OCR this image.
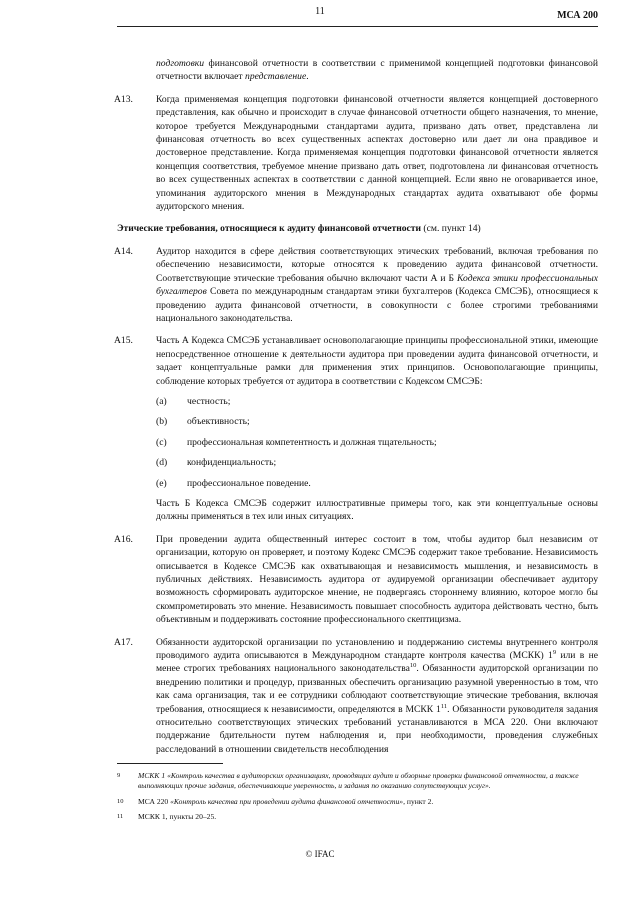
11	МСА 200

подготовки финансовой отчетности в соответствии с применимой концепцией подготовки финансовой отчетности включает представление.

А13. Когда применяемая концепция подготовки финансовой отчетности является концепцией достоверного представления, как обычно и происходит в случае финансовой отчетности общего назначения, то мнение, которое требуется Международными стандартами аудита, призвано дать ответ, представлена ли финансовая отчетность во всех существенных аспектах достоверно или дает ли она правдивое и достоверное представление. Когда применяемая концепция подготовки финансовой отчетности является концепция соответствия, требуемое мнение призвано дать ответ, подготовлена ли финансовая отчетность во всех существенных аспектах в соответствии с данной концепцией. Если явно не оговаривается иное, упоминания аудиторского мнения в Международных стандартах аудита охватывают обе формы аудиторского мнения.

Этические требования, относящиеся к аудиту финансовой отчетности (см. пункт 14)
А14. Аудитор находится в сфере действия соответствующих этических требований, включая требования по обеспечению независимости, которые относятся к проведению аудита финансовой отчетности. Соответствующие этические требования обычно включают части А и Б Кодекса этики профессиональных бухгалтеров Совета по международным стандартам этики бухгалтеров (Кодекса СМСЭБ), относящиеся к проведению аудита финансовой отчетности, в совокупности с более строгими требованиями национального законодательства.

А15. Часть А Кодекса СМСЭБ устанавливает основополагающие принципы профессиональной этики, имеющие непосредственное отношение к деятельности аудитора при проведении аудита финансовой отчетности, и задает концептуальные рамки для применения этих принципов. Основополагающие принципы, соблюдение которых требуется от аудитора в соответствии с Кодексом СМСЭБ:

(a) честность;
(b) объективность;
(c) профессиональная компетентность и должная тщательность;
(d) конфиденциальность;
(e) профессиональное поведение.

Часть Б Кодекса СМСЭБ содержит иллюстративные примеры того, как эти концептуальные основы должны применяться в тех или иных ситуациях.

А16. При проведении аудита общественный интерес состоит в том, чтобы аудитор был независим от организации, которую он проверяет, и поэтому Кодекс СМСЭБ содержит такое требование. Независимость описывается в Кодексе СМСЭБ как охватывающая и независимость мышления, и независимость в публичных действиях. Независимость аудитора от аудируемой организации обеспечивает аудитору возможность сформировать аудиторское мнение, не подвергаясь стороннему влиянию, которое могло бы скомпрометировать это мнение. Независимость повышает способность аудитора действовать честно, быть объективным и поддерживать состояние профессионального скептицизма.

А17. Обязанности аудиторской организации по установлению и поддержанию системы внутреннего контроля проводимого аудита описываются в Международном стандарте контроля качества (МСКК) $1^9$ или в не менее строгих требованиях национального законодательства$^{10}$. Обязанности аудиторской организации по внедрению политики и процедур, призванных обеспечить организацию разумной уверенностью в том, что как сама организация, так и ее сотрудники соблюдают соответствующие этические требования, включая требования, относящиеся к независимости, определяются в МСКК $1^{11}$. Обязанности руководителя задания относительно соответствующих этических требований устанавливаются в МСА 220. Они включают поддержание бдительности путем наблюдения и, при необходимости, проведения служебных расследований в отношении свидетельств несоблюдения

9 МСКК 1 «Контроль качества в аудиторских организациях, проводящих аудит и обзорные проверки финансовой отчетности, а также выполняющих прочие задания, обеспечивающие уверенность, и задания по оказанию сопутствующих услуг».
10 МСА 220 «Контроль качества при проведении аудита финансовой отчетности», пункт 2.
11 МСКК 1, пункты 20–25.
© IFAC
